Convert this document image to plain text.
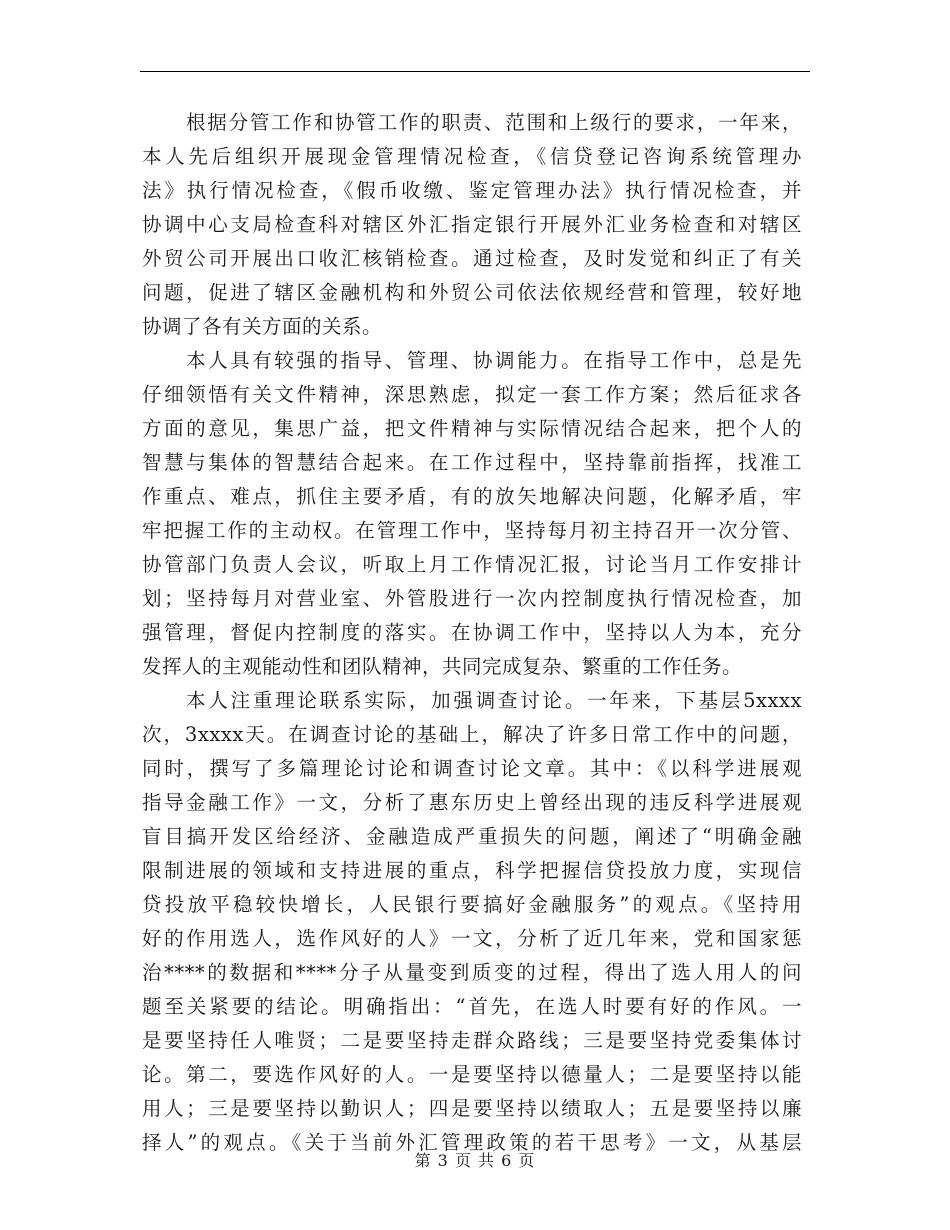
根据分管工作和协管工作的职责、范围和上级行的要求，一年来，
本人先后组织开展现金管理情况检查，《信贷登记咨询系统管理办
法》执行情况检查，《假币收缴、鉴定管理办法》执行情况检查，并
协调中心支局检查科对辖区外汇指定银行开展外汇业务检查和对辖区
外贸公司开展出口收汇核销检查。通过检查，及时发觉和纠正了有关
问题，促进了辖区金融机构和外贸公司依法依规经营和管理，较好地
协调了各有关方面的关系。
本人具有较强的指导、管理、协调能力。在指导工作中，总是先
仔细领悟有关文件精神，深思熟虑，拟定一套工作方案；然后征求各
方面的意见，集思广益，把文件精神与实际情况结合起来，把个人的
智慧与集体的智慧结合起来。在工作过程中，坚持靠前指挥，找准工
作重点、难点，抓住主要矛盾，有的放矢地解决问题，化解矛盾，牢
牢把握工作的主动权。在管理工作中，坚持每月初主持召开一次分管、
协管部门负责人会议，听取上月工作情况汇报，讨论当月工作安排计
划；坚持每月对营业室、外管股进行一次内控制度执行情况检查，加
强管理，督促内控制度的落实。在协调工作中，坚持以人为本，充分
发挥人的主观能动性和团队精神，共同完成复杂、繁重的工作任务。
本人注重理论联系实际，加强调查讨论。一年来，下基层5xxxx
次，3xxxx天。在调查讨论的基础上，解决了许多日常工作中的问题，
同时，撰写了多篇理论讨论和调查讨论文章。其中：《以科学进展观
指导金融工作》一文，分析了惠东历史上曾经出现的违反科学进展观
盲目搞开发区给经济、金融造成严重损失的问题，阐述了“明确金融
限制进展的领域和支持进展的重点，科学把握信贷投放力度，实现信
贷投放平稳较快增长，人民银行要搞好金融服务”的观点。《坚持用
好的作用选人，选作风好的人》一文，分析了近几年来，党和国家惩
治****的数据和****分子从量变到质变的过程，得出了选人用人的问
题至关紧要的结论。明确指出：“首先，在选人时要有好的作风。一
是要坚持任人唯贤；二是要坚持走群众路线；三是要坚持党委集体讨
论。第二，要选作风好的人。一是要坚持以德量人；二是要坚持以能
用人；三是要坚持以勤识人；四是要坚持以绩取人；五是要坚持以廉
择人”的观点。《关于当前外汇管理政策的若干思考》一文，从基层
第 3 页 共 6 页
